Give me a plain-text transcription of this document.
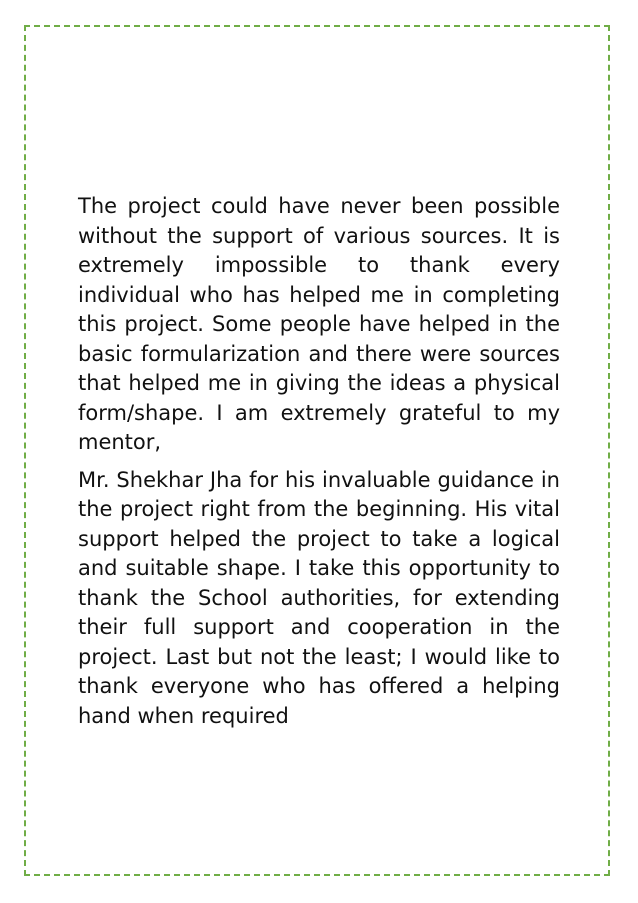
The project could have never been possible without the support of various sources. It is extremely impossible to thank every individual who has helped me in completing this project. Some people have helped in the basic formularization and there were sources that helped me in giving the ideas a physical form/shape. I am extremely grateful to my mentor,

Mr. Shekhar Jha for his invaluable guidance in the project right from the beginning. His vital support helped the project to take a logical and suitable shape. I take this opportunity to thank the School authorities, for extending their full support and cooperation in the project. Last but not the least; I would like to thank everyone who has offered a helping hand when required
